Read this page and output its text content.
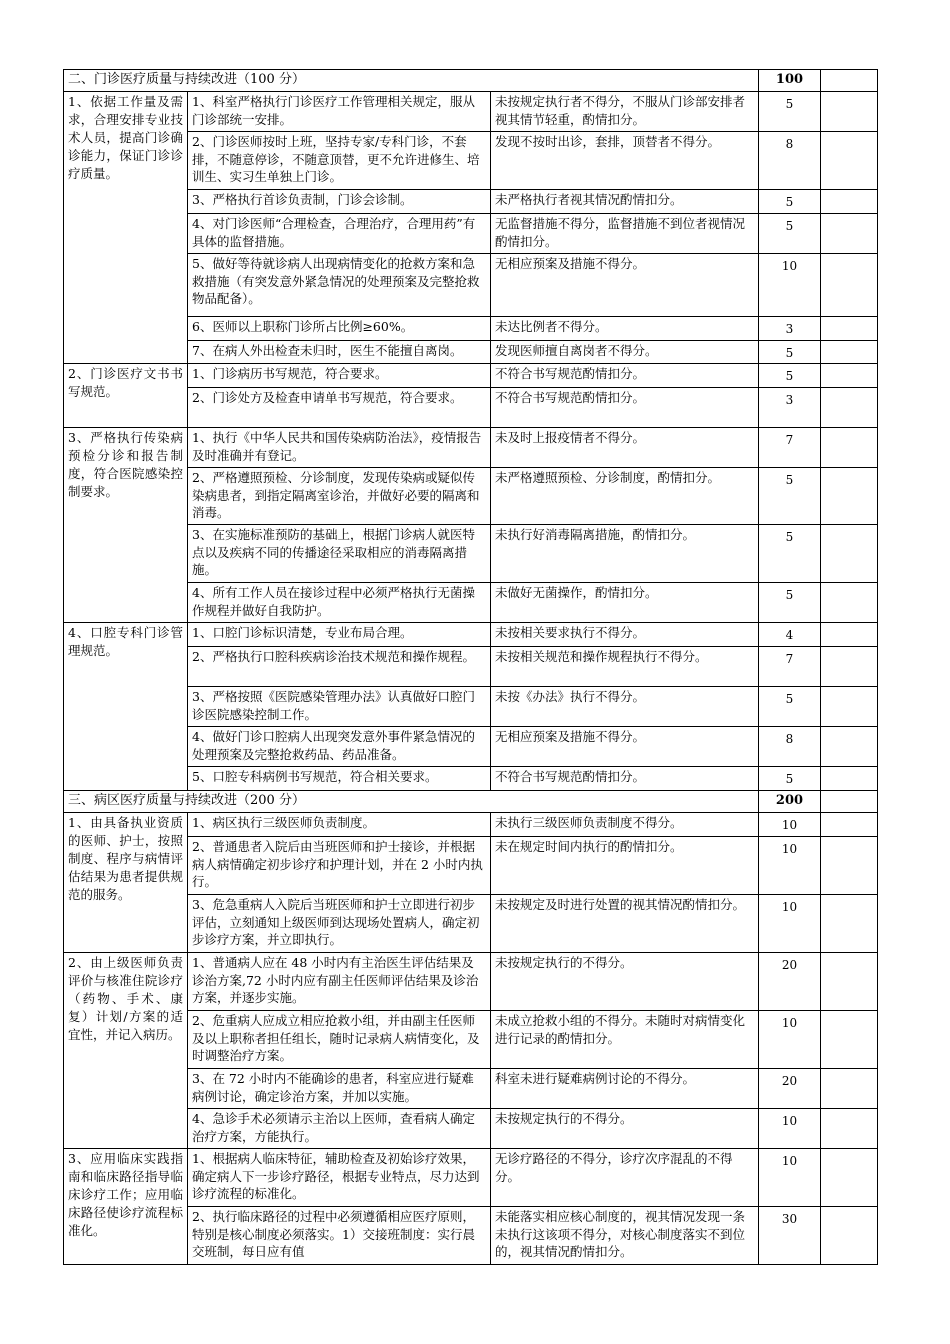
二、门诊医疗质量与持续改进（100 分）			100	
1、依据工作量及需求，合理安排专业技术人员，提高门诊确诊能力，保证门诊诊疗质量。	1、科室严格执行门诊医疗工作管理相关规定，服从门诊部统一安排。	未按规定执行者不得分，不服从门诊部安排者视其情节轻重，酌情扣分。	5	
	2、门诊医师按时上班，坚持专家/专科门诊，不套排，不随意停诊，不随意顶替，更不允许进修生、培训生、实习生单独上门诊。	发现不按时出诊，套排，顶替者不得分。	8	
	3、严格执行首诊负责制，门诊会诊制。	未严格执行者视其情况酌情扣分。	5	
	4、对门诊医师“合理检查，合理治疗，合理用药”有具体的监督措施。	无监督措施不得分，监督措施不到位者视情况酌情扣分。	5	
	5、做好等待就诊病人出现病情变化的抢救方案和急救措施（有突发意外紧急情况的处理预案及完整抢救物品配备）。	无相应预案及措施不得分。	10	
	6、医师以上职称门诊所占比例≥60%。	未达比例者不得分。	3	

	7、在病人外出检查未归时，医生不能擅自离岗。	发现医师擅自离岗者不得分。	5	
2、门诊医疗文书书写规范。	1、门诊病历书写规范，符合要求。	不符合书写规范酌情扣分。	5	
	2、门诊处方及检查申请单书写规范，符合要求。	不符合书写规范酌情扣分。	3	
3、严格执行传染病预检分诊和报告制度，符合医院感染控制要求。	1、执行《中华人民共和国传染病防治法》，疫情报告及时准确并有登记。	未及时上报疫情者不得分。	7	
	2、严格遵照预检、分诊制度，发现传染病或疑似传染病患者，到指定隔离室诊治，并做好必要的隔离和消毒。	未严格遵照预检、分诊制度，酌情扣分。	5	
	3、在实施标准预防的基础上，根据门诊病人就医特点以及疾病不同的传播途径采取相应的消毒隔离措施。	未执行好消毒隔离措施，酌情扣分。	5	
	4、所有工作人员在接诊过程中必须严格执行无菌操作规程并做好自我防护。	未做好无菌操作，酌情扣分。	5	
4、口腔专科门诊管理规范。	1、口腔门诊标识清楚，专业布局合理。	未按相关要求执行不得分。	4	
	2、严格执行口腔科疾病诊治技术规范和操作规程。	未按相关规范和操作规程执行不得分。	7	
	3、严格按照《医院感染管理办法》认真做好口腔门诊医院感染控制工作。	未按《办法》执行不得分。	5	
	4、做好门诊口腔病人出现突发意外事件紧急情况的处理预案及完整抢救药品、药品准备。	无相应预案及措施不得分。	8	
	5、口腔专科病例书写规范，符合相关要求。	不符合书写规范酌情扣分。	5	
三、病区医疗质量与持续改进（200 分）			200	
1、由具备执业资质的医师、护士，按照制度、程序与病情评估结果为患者提供规范的服务。	1、病区执行三级医师负责制度。	未执行三级医师负责制度不得分。	10	
	2、普通患者入院后由当班医师和护士接诊，并根据病人病情确定初步诊疗和护理计划，并在 2 小时内执行。	未在规定时间内执行的酌情扣分。	10	
	3、危急重病人入院后当班医师和护士立即进行初步评估，立刻通知上级医师到达现场处置病人，确定初步诊疗方案，并立即执行。	未按规定及时进行处置的视其情况酌情扣分。	10	
2、由上级医师负责评价与核准住院诊疗（药物、手术、康复）计划/方案的适宜性，并记入病历。	1、普通病人应在 48 小时内有主治医生评估结果及诊治方案,72 小时内应有副主任医师评估结果及诊治方案，并逐步实施。	未按规定执行的不得分。	20	
	2、危重病人应成立相应抢救小组，并由副主任医师及以上职称者担任组长，随时记录病人病情变化，及时调整治疗方案。	未成立抢救小组的不得分。未随时对病情变化进行记录的酌情扣分。	10	
	3、在 72 小时内不能确诊的患者，科室应进行疑难病例讨论，确定诊治方案，并加以实施。	科室未进行疑难病例讨论的不得分。	20	
	4、急诊手术必须请示主治以上医师，查看病人确定治疗方案，方能执行。	未按规定执行的不得分。	10	
3、应用临床实践指南和临床路径指导临床诊疗工作；应用临床路径使诊疗流程标准化。	1、根据病人临床特征，辅助检查及初始诊疗效果，确定病人下一步诊疗路径，根据专业特点，尽力达到诊疗流程的标准化。	无诊疗路径的不得分，诊疗次序混乱的不得分。	10	

	2、执行临床路径的过程中必须遵循相应医疗原则，特别是核心制度必须落实。1）交接班制度：实行晨交班制，每日应有值	未能落实相应核心制度的，视其情况发现一条未执行这该项不得分，对核心制度落实不到位的，视其情况酌情扣分。	30	
